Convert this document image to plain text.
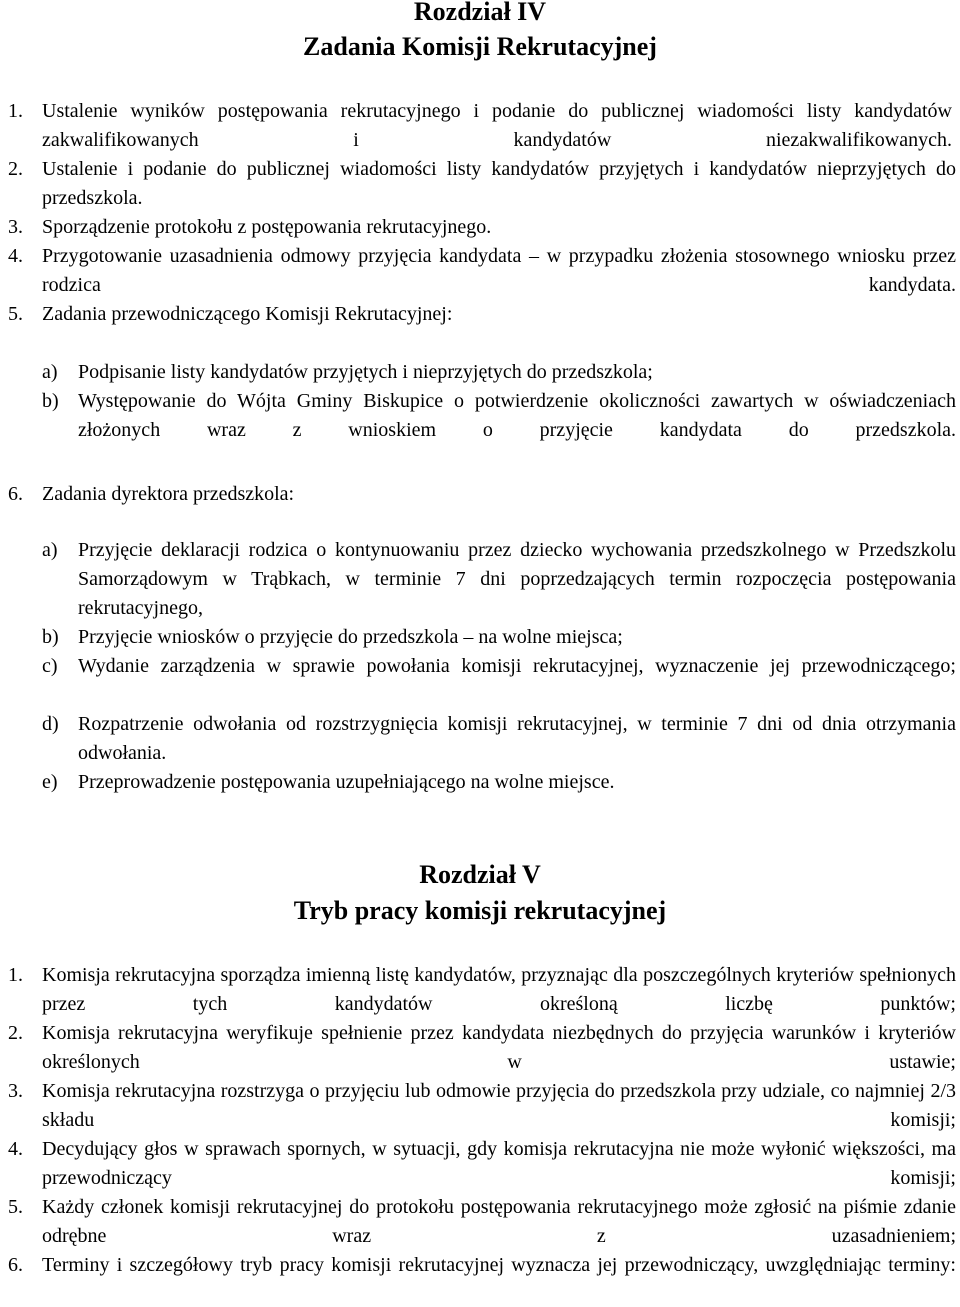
Rozdział IV
Zadania Komisji Rekrutacyjnej
1. Ustalenie wyników postępowania rekrutacyjnego i podanie do publicznej wiadomości listy kandydatów zakwalifikowanych i kandydatów niezakwalifikowanych.
2. Ustalenie i podanie do publicznej wiadomości listy kandydatów przyjętych i kandydatów nieprzyjętych do przedszkola.
3. Sporządzenie protokołu z postępowania rekrutacyjnego.
4. Przygotowanie uzasadnienia odmowy przyjęcia kandydata – w przypadku złożenia stosownego wniosku przez rodzica kandydata.
5. Zadania przewodniczącego Komisji Rekrutacyjnej:
a) Podpisanie listy kandydatów przyjętych i nieprzyjętych do przedszkola;
b) Występowanie do Wójta Gminy Biskupice o potwierdzenie okoliczności zawartych w oświadczeniach złożonych wraz z wnioskiem o przyjęcie kandydata do przedszkola.
6. Zadania dyrektora przedszkola:
a) Przyjęcie deklaracji rodzica o kontynuowaniu przez dziecko wychowania przedszkolnego w Przedszkolu Samorządowym w Trąbkach, w terminie 7 dni poprzedzających termin rozpoczęcia postępowania rekrutacyjnego,
b) Przyjęcie wniosków o przyjęcie do przedszkola – na wolne miejsca;
c) Wydanie zarządzenia w sprawie powołania komisji rekrutacyjnej, wyznaczenie jej przewodniczącego;
d) Rozpatrzenie odwołania od rozstrzygnięcia komisji rekrutacyjnej, w terminie 7 dni od dnia otrzymania odwołania.
e) Przeprowadzenie postępowania uzupełniającego na wolne miejsce.
Rozdział V
Tryb pracy komisji rekrutacyjnej
1. Komisja rekrutacyjna sporządza imienną listę kandydatów, przyznając dla poszczególnych kryteriów spełnionych przez tych kandydatów określoną liczbę punktów;
2. Komisja rekrutacyjna weryfikuje spełnienie przez kandydata niezbędnych do przyjęcia warunków i kryteriów określonych w ustawie;
3. Komisja rekrutacyjna rozstrzyga o przyjęciu lub odmowie przyjęcia do przedszkola przy udziale, co najmniej 2/3 składu komisji;
4. Decydujący głos w sprawach spornych, w sytuacji, gdy komisja rekrutacyjna nie może wyłonić większości, ma przewodniczący komisji;
5. Każdy członek komisji rekrutacyjnej do protokołu postępowania rekrutacyjnego może zgłosić na piśmie zdanie odrębne wraz z uzasadnieniem;
6. Terminy i szczegółowy tryb pracy komisji rekrutacyjnej wyznacza jej przewodniczący, uwzględniając terminy:
